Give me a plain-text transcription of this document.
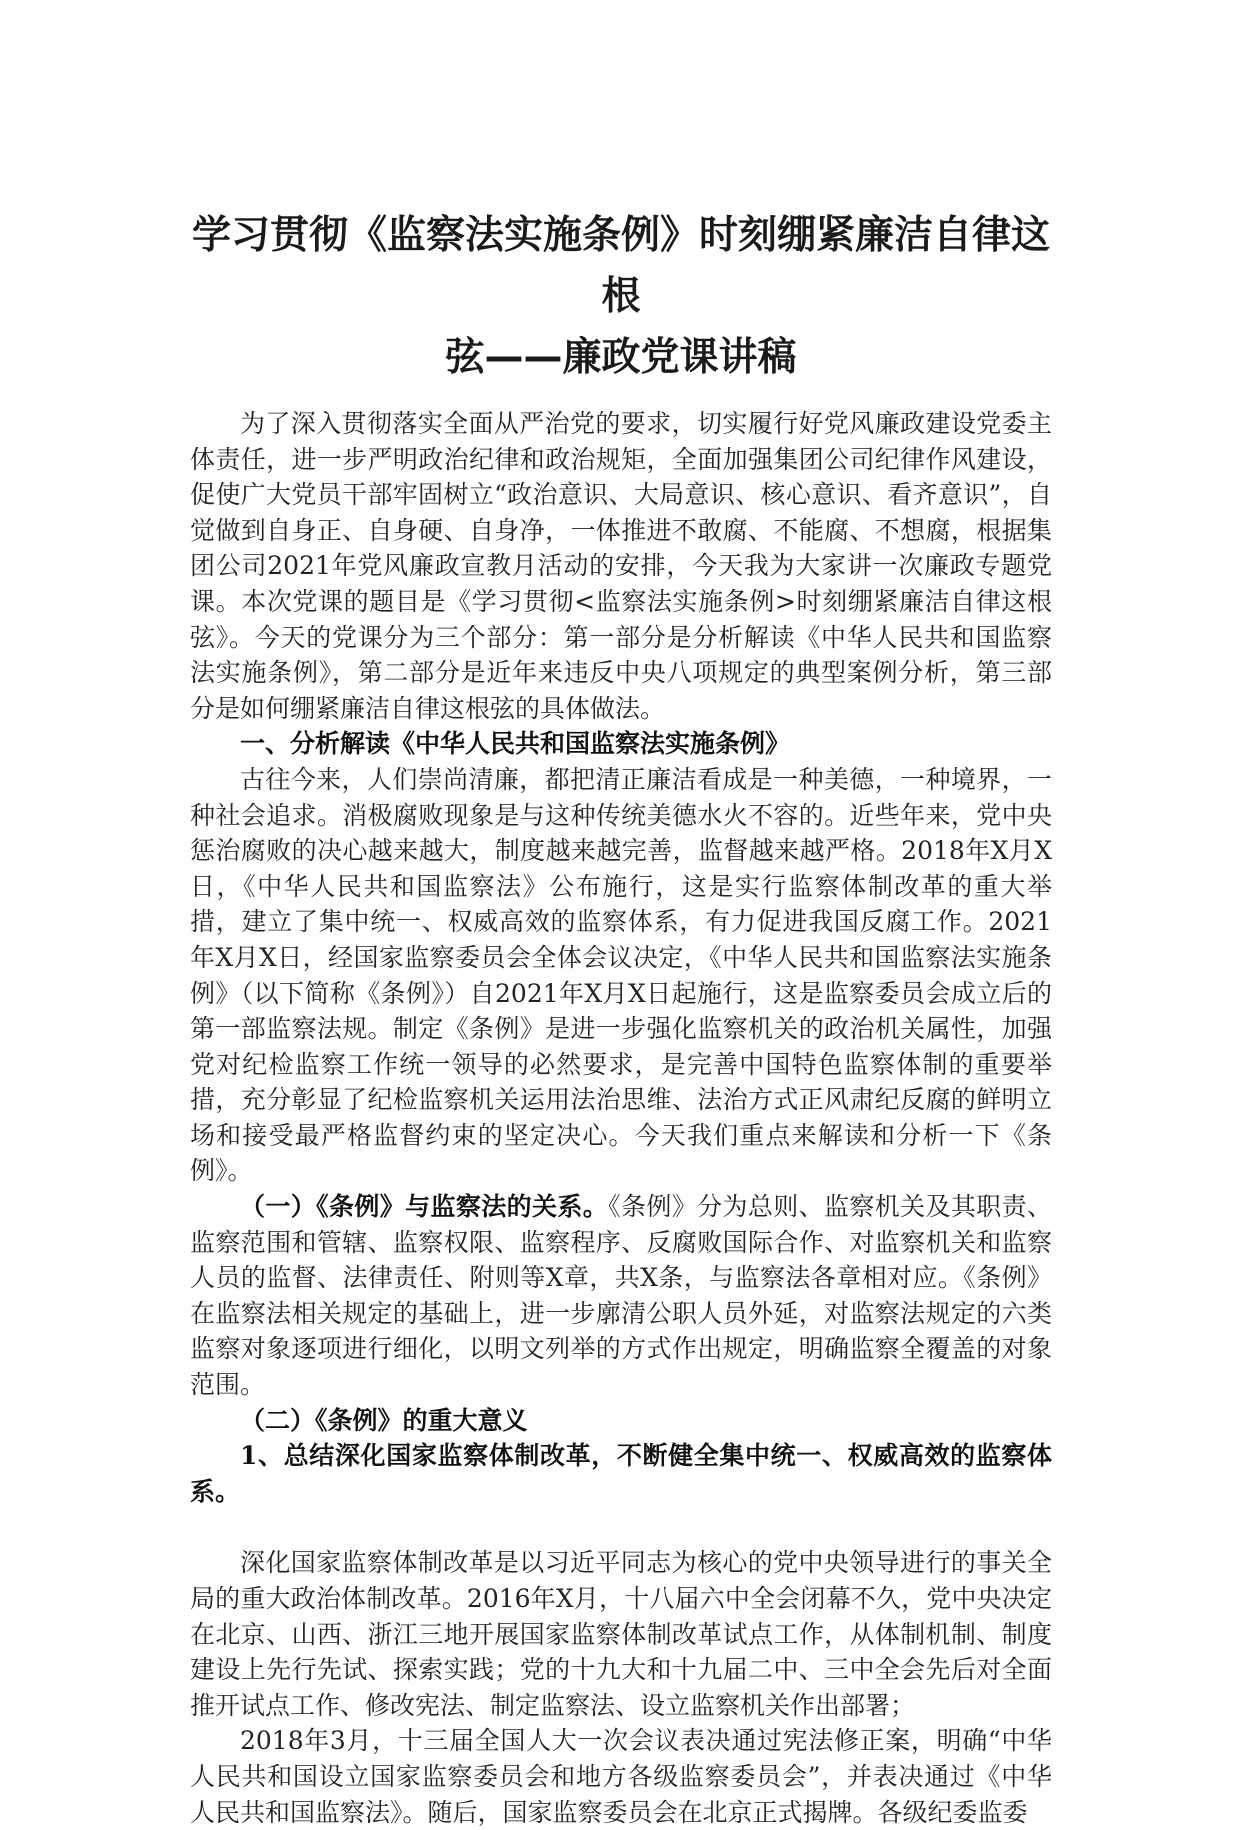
学习贯彻《监察法实施条例》时刻绷紧廉洁自律这根
弦——廉政党课讲稿

为了深入贯彻落实全面从严治党的要求，切实履行好党风廉政建设党委主体责任，进一步严明政治纪律和政治规矩，全面加强集团公司纪律作风建设，促使广大党员干部牢固树立“政治意识、大局意识、核心意识、看齐意识”，自觉做到自身正、自身硬、自身净，一体推进不敢腐、不能腐、不想腐，根据集团公司2021年党风廉政宣教月活动的安排，今天我为大家讲一次廉政专题党课。本次党课的题目是《学习贯彻<监察法实施条例>时刻绷紧廉洁自律这根弦》。今天的党课分为三个部分：第一部分是分析解读《中华人民共和国监察法实施条例》，第二部分是近年来违反中央八项规定的典型案例分析，第三部分是如何绷紧廉洁自律这根弦的具体做法。

一、分析解读《中华人民共和国监察法实施条例》

古往今来，人们崇尚清廉，都把清正廉洁看成是一种美德，一种境界，一种社会追求。消极腐败现象是与这种传统美德水火不容的。近些年来，党中央惩治腐败的决心越来越大，制度越来越完善，监督越来越严格。2018年X月X日，《中华人民共和国监察法》公布施行，这是实行监察体制改革的重大举措，建立了集中统一、权威高效的监察体系，有力促进我国反腐工作。2021年X月X日，经国家监察委员会全体会议决定，《中华人民共和国监察法实施条例》（以下简称《条例》）自2021年X月X日起施行，这是监察委员会成立后的第一部监察法规。制定《条例》是进一步强化监察机关的政治机关属性，加强党对纪检监察工作统一领导的必然要求，是完善中国特色监察体制的重要举措，充分彰显了纪检监察机关运用法治思维、法治方式正风肃纪反腐的鲜明立场和接受最严格监督约束的坚定决心。今天我们重点来解读和分析一下《条例》。

（一）《条例》与监察法的关系。《条例》分为总则、监察机关及其职责、监察范围和管辖、监察权限、监察程序、反腐败国际合作、对监察机关和监察人员的监督、法律责任、附则等X章，共X条，与监察法各章相对应。《条例》在监察法相关规定的基础上，进一步廓清公职人员外延，对监察法规定的六类监察对象逐项进行细化，以明文列举的方式作出规定，明确监察全覆盖的对象范围。

（二）《条例》的重大意义

1、总结深化国家监察体制改革，不断健全集中统一、权威高效的监察体系。

深化国家监察体制改革是以习近平同志为核心的党中央领导进行的事关全局的重大政治体制改革。2016年X月，十八届六中全会闭幕不久，党中央决定在北京、山西、浙江三地开展国家监察体制改革试点工作，从体制机制、制度建设上先行先试、探索实践；党的十九大和十九届二中、三中全会先后对全面推开试点工作、修改宪法、制定监察法、设立监察机关作出部署；

2018年3月，十三届全国人大一次会议表决通过宪法修正案，明确“中华人民共和国设立国家监察委员会和地方各级监察委员会”，并表决通过《中华人民共和国监察法》。随后，国家监察委员会在北京正式揭牌。各级纪委监委
